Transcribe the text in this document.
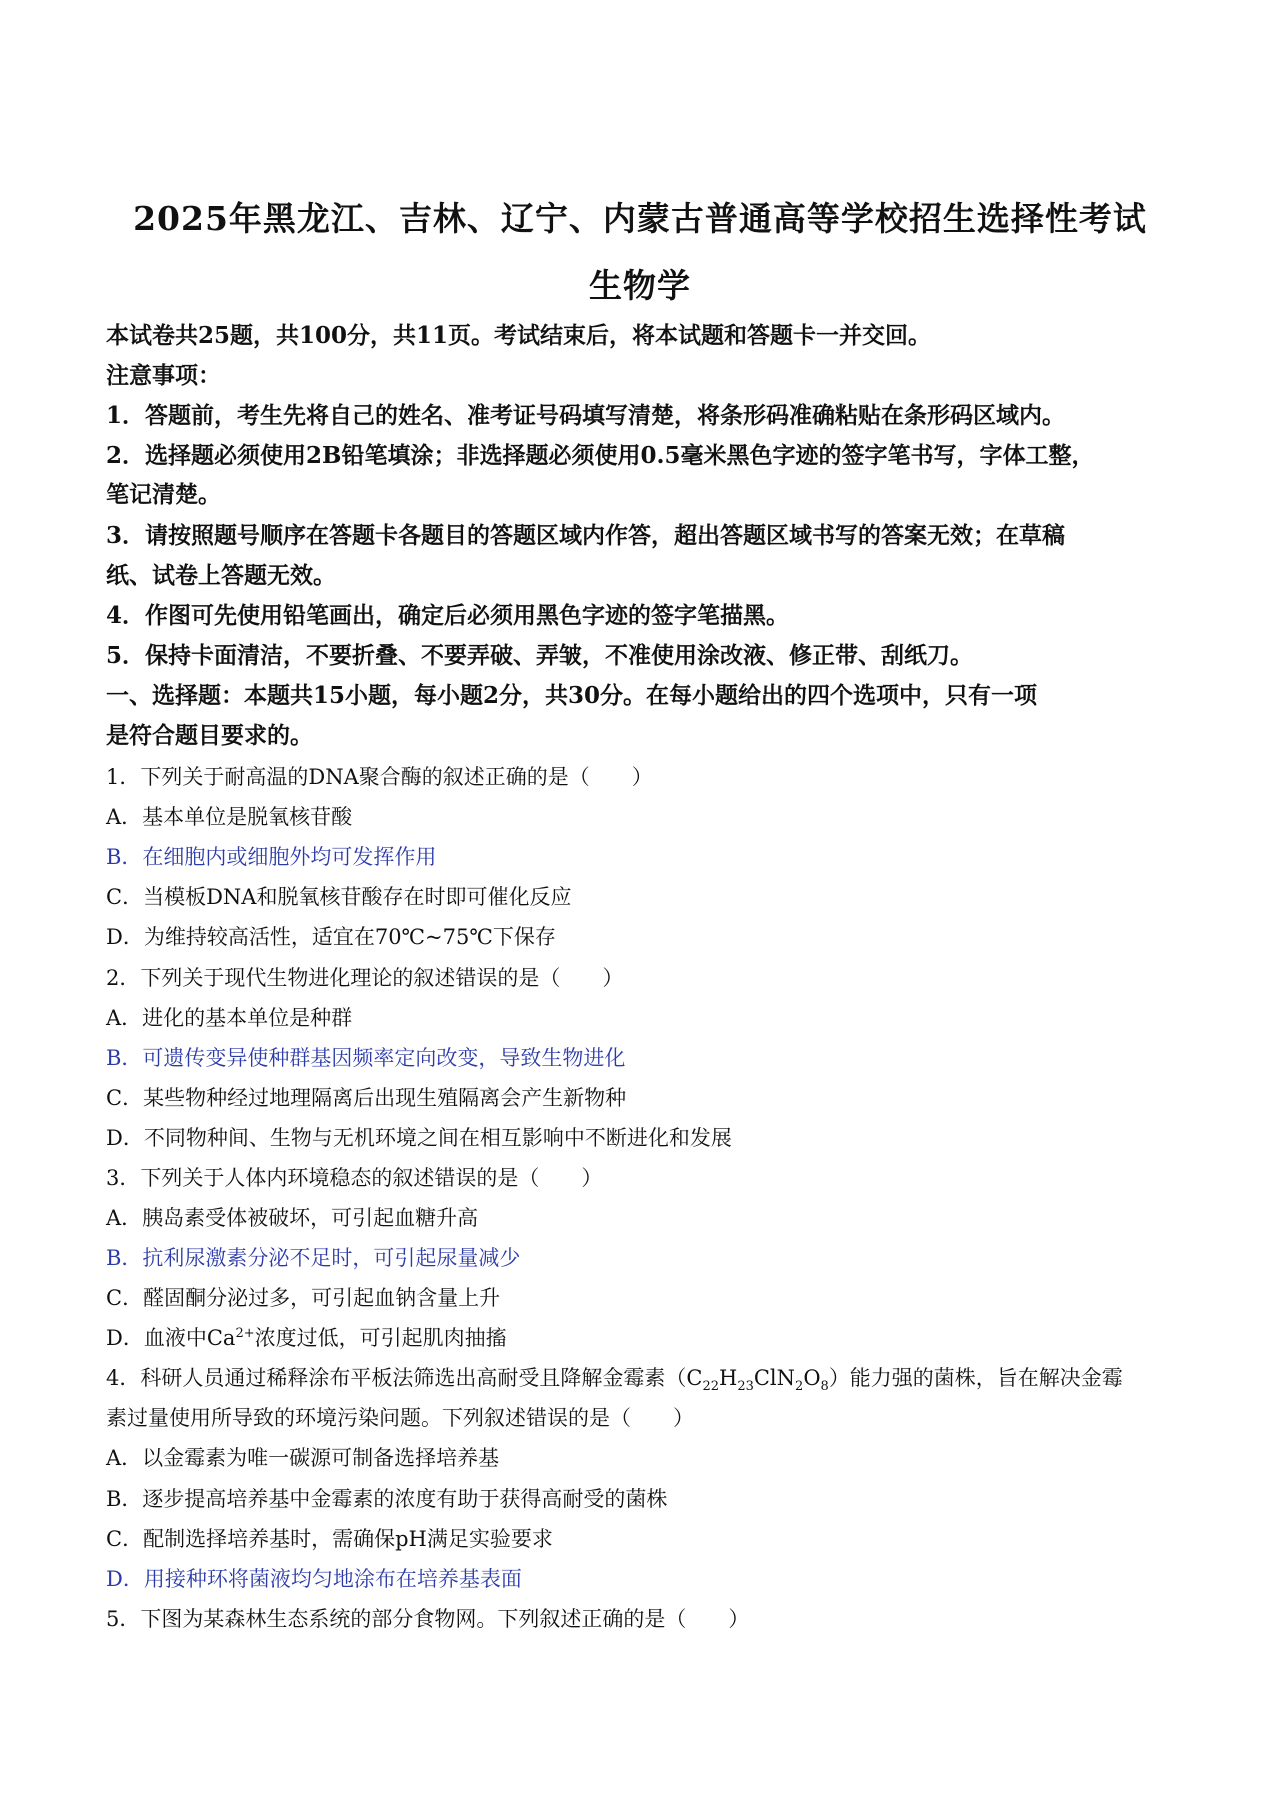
2025年黑龙江、吉林、辽宁、内蒙古普通高等学校招生选择性考试
生物学
本试卷共25题，共100分，共11页。考试结束后，将本试题和答题卡一并交回。
注意事项：
1．答题前，考生先将自己的姓名、准考证号码填写清楚，将条形码准确粘贴在条形码区域内。
2．选择题必须使用2B铅笔填涂；非选择题必须使用0.5毫米黑色字迹的签字笔书写，字体工整，
笔记清楚。
3．请按照题号顺序在答题卡各题目的答题区域内作答，超出答题区域书写的答案无效；在草稿
纸、试卷上答题无效。
4．作图可先使用铅笔画出，确定后必须用黑色字迹的签字笔描黑。
5．保持卡面清洁，不要折叠、不要弄破、弄皱，不准使用涂改液、修正带、刮纸刀。
一、选择题：本题共15小题，每小题2分，共30分。在每小题给出的四个选项中，只有一项
是符合题目要求的。
1．下列关于耐高温的DNA聚合酶的叙述正确的是（　　）
A．基本单位是脱氧核苷酸
B．在细胞内或细胞外均可发挥作用
C．当模板DNA和脱氧核苷酸存在时即可催化反应
D．为维持较高活性，适宜在70℃~75℃下保存
2．下列关于现代生物进化理论的叙述错误的是（　　）
A．进化的基本单位是种群
B．可遗传变异使种群基因频率定向改变，导致生物进化
C．某些物种经过地理隔离后出现生殖隔离会产生新物种
D．不同物种间、生物与无机环境之间在相互影响中不断进化和发展
3．下列关于人体内环境稳态的叙述错误的是（　　）
A．胰岛素受体被破坏，可引起血糖升高
B．抗利尿激素分泌不足时，可引起尿量减少
C．醛固酮分泌过多，可引起血钠含量上升
D．血液中$Ca^{2+}$浓度过低，可引起肌肉抽搐
4．科研人员通过稀释涂布平板法筛选出高耐受且降解金霉素$(C_{22}H_{23}ClN_2O_8)$能力强的菌株，旨在解决金霉
素过量使用所导致的环境污染问题。下列叙述错误的是（　　）
A．以金霉素为唯一碳源可制备选择培养基
B．逐步提高培养基中金霉素的浓度有助于获得高耐受的菌株
C．配制选择培养基时，需确保pH满足实验要求
D．用接种环将菌液均匀地涂布在培养基表面
5．下图为某森林生态系统的部分食物网。下列叙述正确的是（　　）
